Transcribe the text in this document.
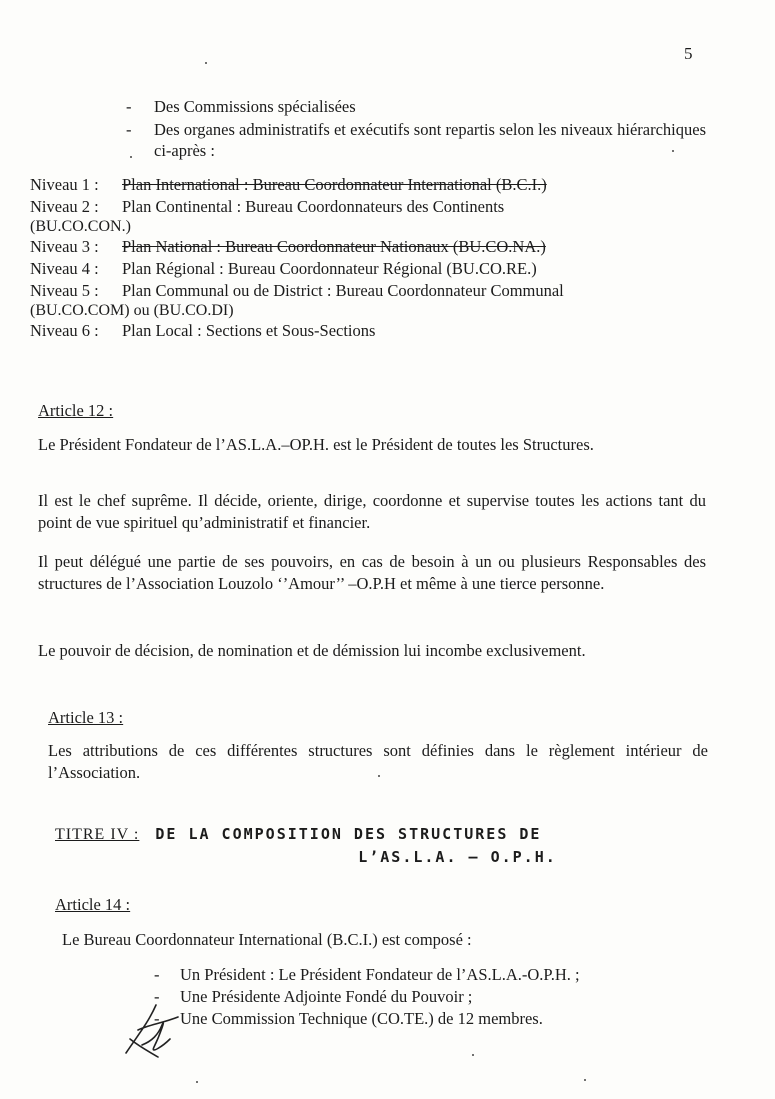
5
-	Des Commissions spécialisées
-	Des organes administratifs et exécutifs sont repartis selon les niveaux hiérarchiques ci-après :
Niveau 1 :	Plan International : Bureau Coordonnateur International (B.C.I.)
Niveau 2 :	Plan Continental : Bureau Coordonnateurs des Continents
(BU.CO.CON.)
Niveau 3 :	Plan National : Bureau Coordonnateur Nationaux (BU.CO.NA.)
Niveau 4 :	Plan Régional : Bureau Coordonnateur Régional (BU.CO.RE.)
Niveau 5 :	Plan Communal ou de District : Bureau Coordonnateur Communal
(BU.CO.COM) ou (BU.CO.DI)
Niveau 6 :	Plan Local : Sections et Sous-Sections
Article 12 :
Le Président Fondateur de l’AS.L.A.–OP.H. est le Président de toutes les Structures.
Il est le chef suprême. Il décide, oriente, dirige, coordonne et supervise toutes les actions tant du point de vue spirituel qu’administratif et financier.
Il peut délégué une partie de ses pouvoirs, en cas de besoin à un ou plusieurs Responsables des structures de l’Association Louzolo ‘’Amour’’ –O.P.H et même à une tierce personne.
Le pouvoir de décision, de nomination et de démission lui incombe exclusivement.
Article 13 :
Les attributions de ces différentes structures sont définies dans le règlement intérieur de l’Association.
TITRE IV : DE LA COMPOSITION DES STRUCTURES DE
L’AS.L.A. – O.P.H.
Article 14 :
Le Bureau Coordonnateur International (B.C.I.) est composé :
-	Un Président : Le Président Fondateur de l’AS.L.A.-O.P.H. ;
-	Une Présidente Adjointe Fondé du Pouvoir ;
-	Une Commission Technique (CO.TE.) de 12 membres.
